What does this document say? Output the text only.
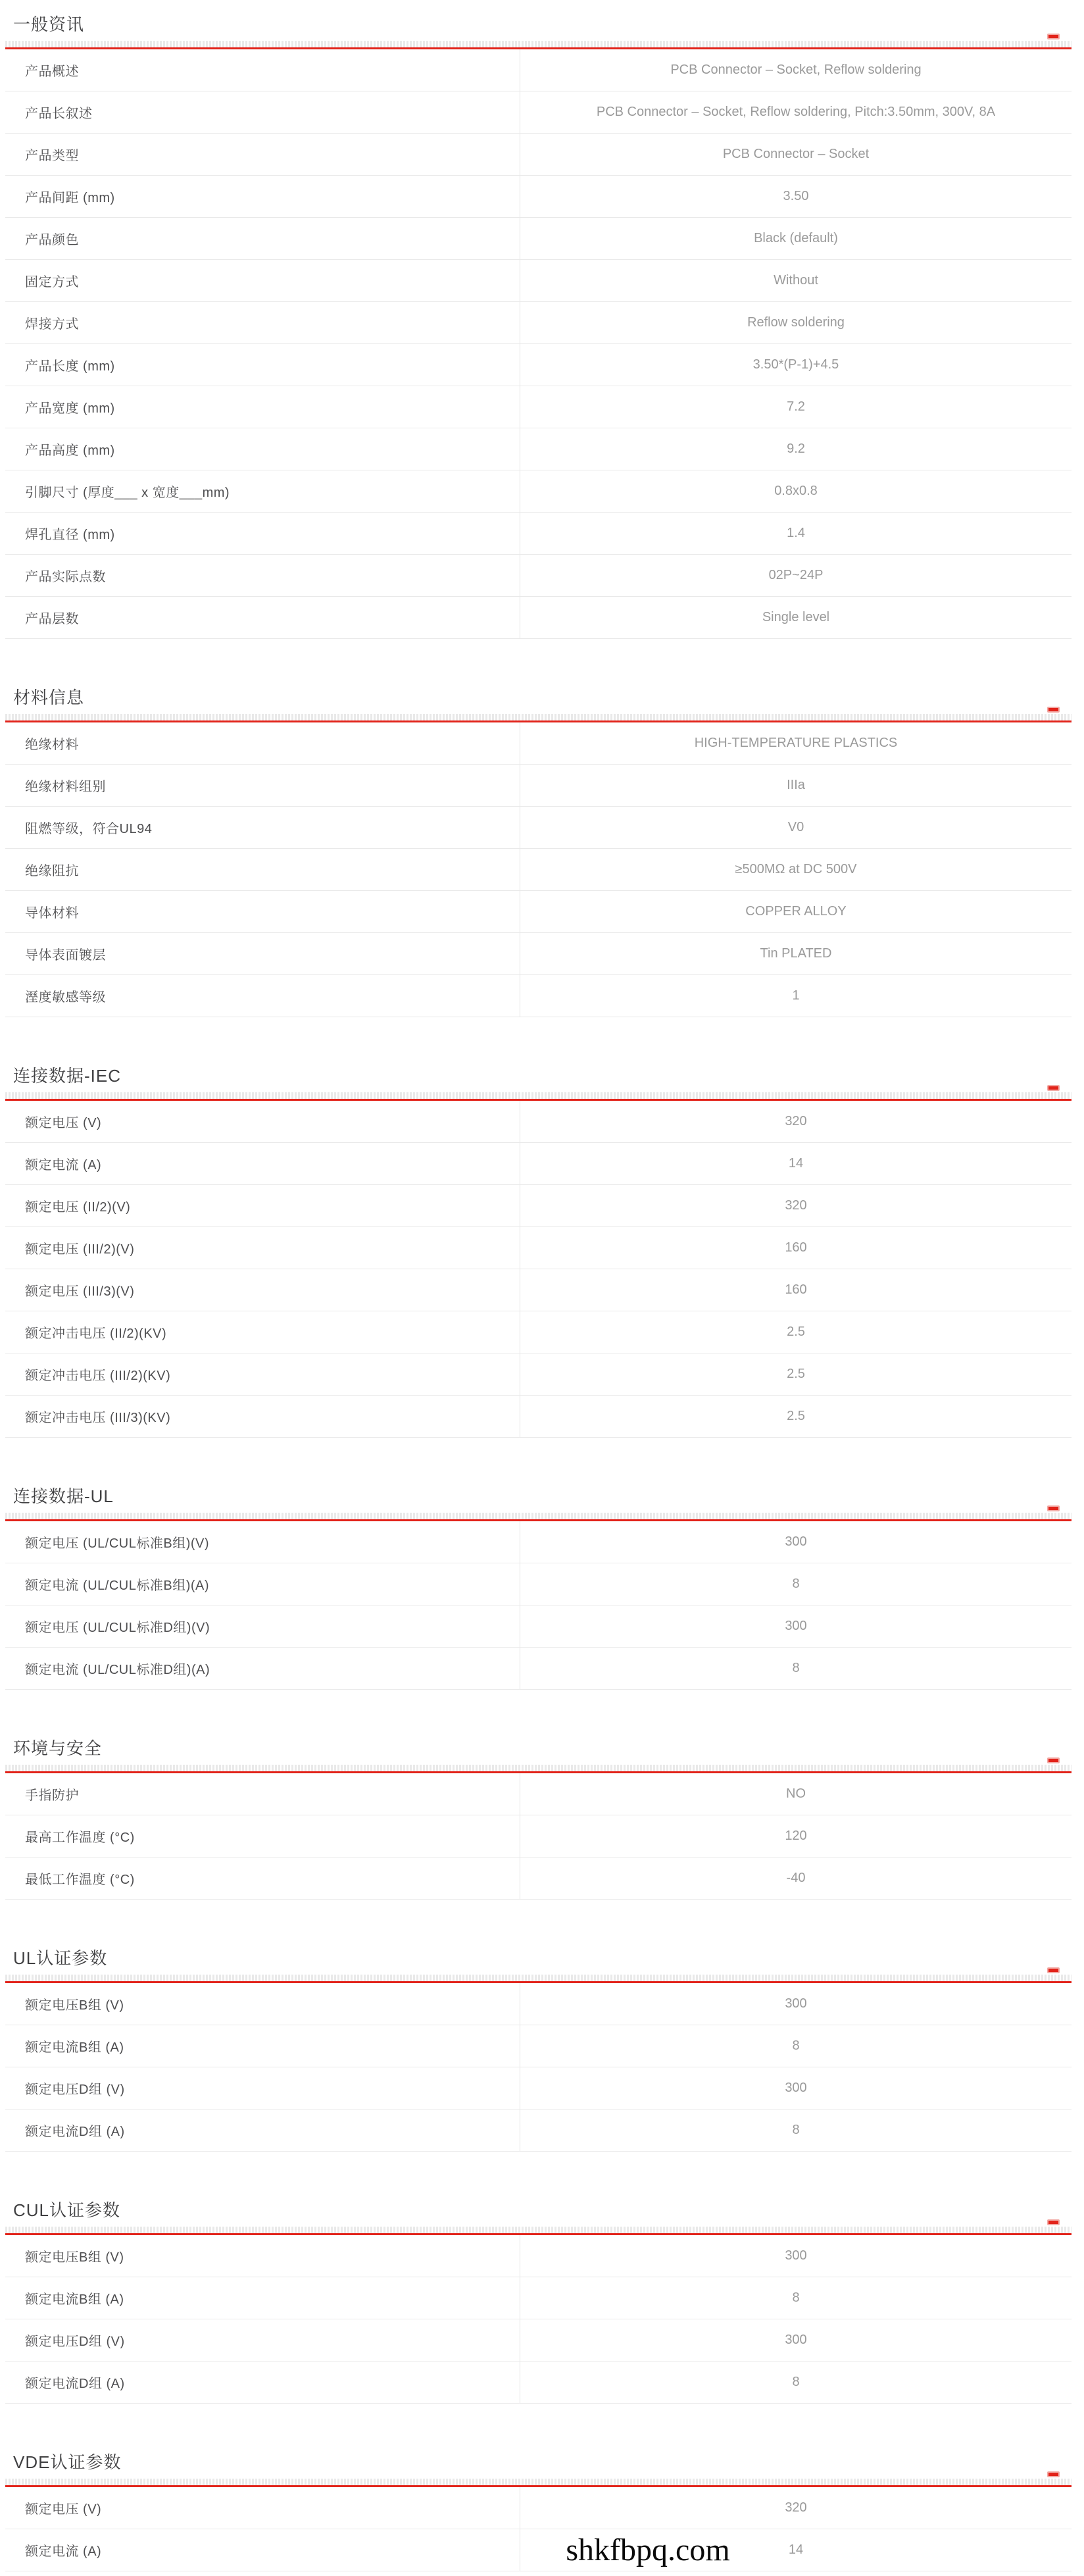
一般资讯
产品概述	PCB Connector – Socket, Reflow soldering
产品长叙述	PCB Connector – Socket, Reflow soldering, Pitch:3.50mm, 300V, 8A
产品类型	PCB Connector – Socket
产品间距 (mm)	3.50
产品颜色	Black (default)
固定方式	Without
焊接方式	Reflow soldering
产品长度 (mm)	3.50*(P-1)+4.5
产品宽度 (mm)	7.2
产品高度 (mm)	9.2
引脚尺寸 (厚度___ x 宽度___mm)	0.8x0.8
焊孔直径 (mm)	1.4
产品实际点数	02P~24P
产品层数	Single level
材料信息
绝缘材料	HIGH-TEMPERATURE PLASTICS
绝缘材料组别	IIIa
阻燃等级，符合UL94	V0
绝缘阻抗	≥500MΩ at DC 500V
导体材料	COPPER ALLOY
导体表面镀层	Tin PLATED
溼度敏感等级	1
连接数据-IEC
额定电压 (V)	320
额定电流 (A)	14
额定电压 (II/2)(V)	320
额定电压 (III/2)(V)	160
额定电压 (III/3)(V)	160
额定冲击电压 (II/2)(KV)	2.5
额定冲击电压 (III/2)(KV)	2.5
额定冲击电压 (III/3)(KV)	2.5
连接数据-UL
额定电压 (UL/CUL标准B组)(V)	300
额定电流 (UL/CUL标准B组)(A)	8
额定电压 (UL/CUL标准D组)(V)	300
额定电流 (UL/CUL标准D组)(A)	8
环境与安全
手指防护	NO
最高工作温度 (°C)	120
最低工作温度 (°C)	-40
UL认证参数
额定电压B组 (V)	300
额定电流B组 (A)	8
额定电压D组 (V)	300
额定电流D组 (A)	8
CUL认证参数
额定电压B组 (V)	300
额定电流B组 (A)	8
额定电压D组 (V)	300
额定电流D组 (A)	8
VDE认证参数
额定电压 (V)	320
额定电流 (A)	14
shkfbpq.com
